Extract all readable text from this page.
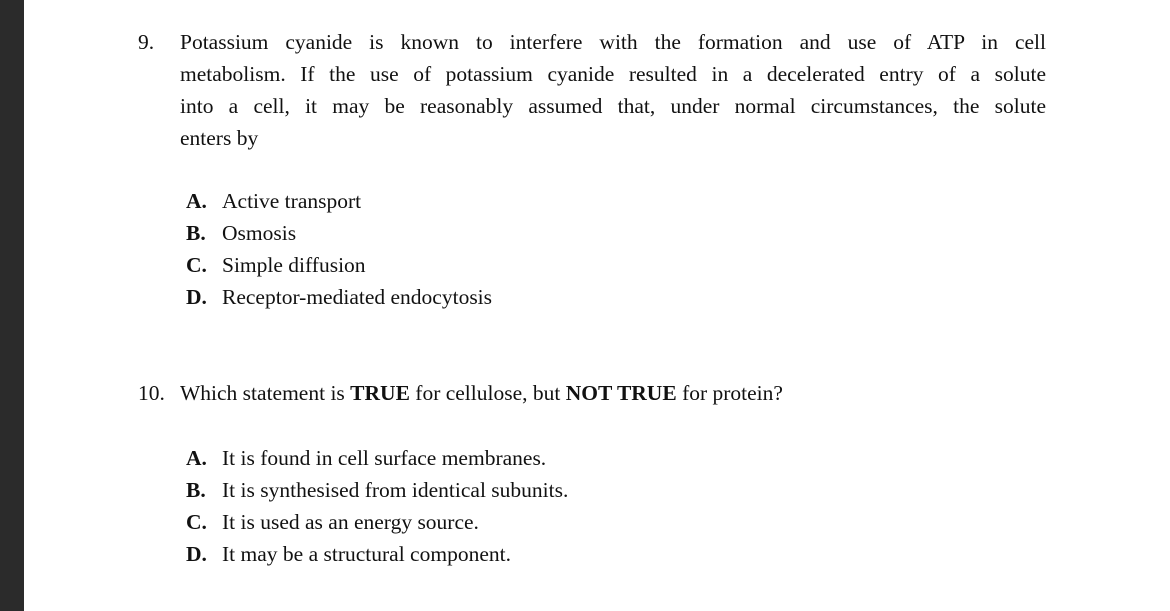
9. Potassium cyanide is known to interfere with the formation and use of ATP in cell
metabolism. If the use of potassium cyanide resulted in a decelerated entry of a solute
into a cell, it may be reasonably assumed that, under normal circumstances, the solute
enters by
A. Active transport
B. Osmosis
C. Simple diffusion
D. Receptor-mediated endocytosis
10. Which statement is TRUE for cellulose, but NOT TRUE for protein?
A. It is found in cell surface membranes.
B. It is synthesised from identical subunits.
C. It is used as an energy source.
D. It may be a structural component.
